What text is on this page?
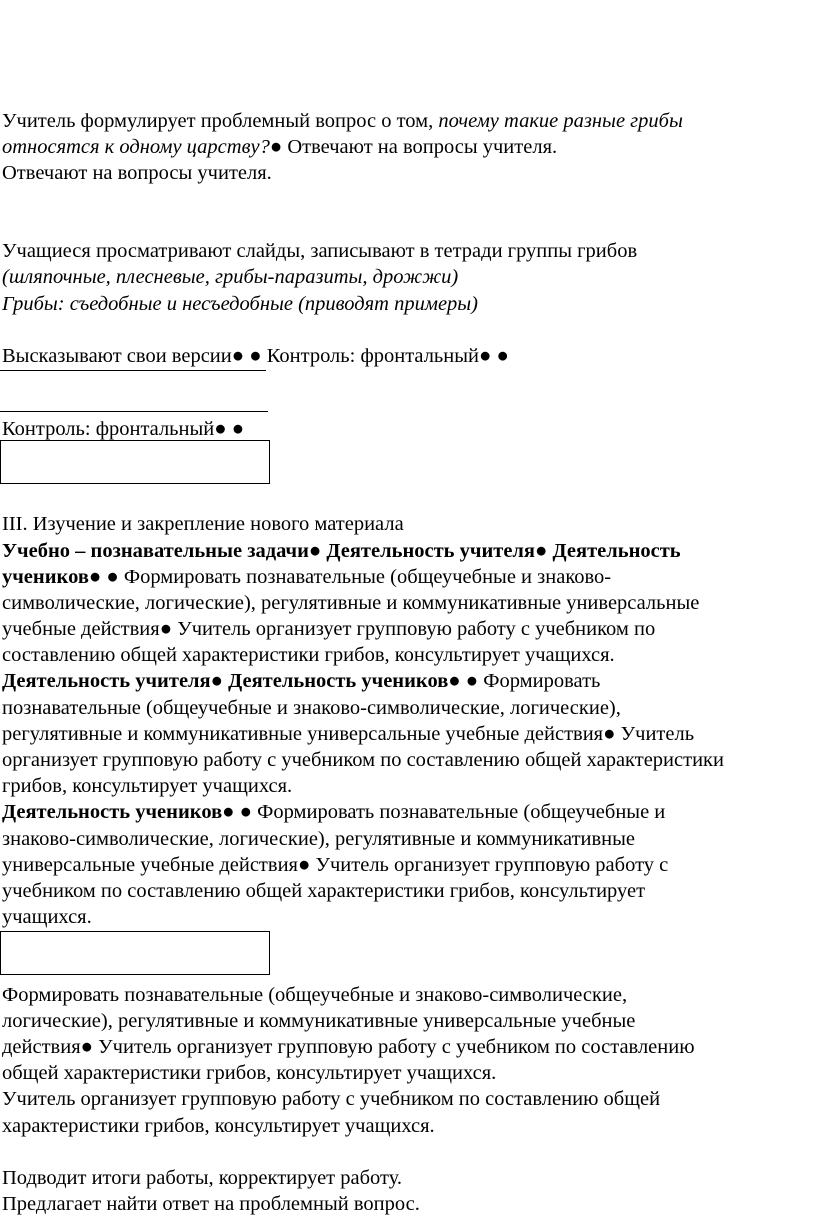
Учитель формулирует проблемный вопрос о том, почему такие разные грибы
относятся к одному царству?● Отвечают на вопросы учителя.
Отвечают на вопросы учителя.
Учащиеся просматривают слайды, записывают в тетради группы грибов
(шляпочные, плесневые, грибы-паразиты, дрожжи)
Грибы: съедобные и несъедобные (приводят примеры)
Высказывают свои версии● ● Контроль: фронтальный● ●
Контроль: фронтальный● ●
III. Изучение и закрепление нового материала
Учебно – познавательные задачи● Деятельность учителя● Деятельность
учеников● ● Формировать познавательные (общеучебные и знаково-
символические, логические), регулятивные и коммуникативные универсальные
учебные действия● Учитель организует групповую работу с учебником по
составлению общей характеристики грибов, консультирует учащихся.
Деятельность учителя● Деятельность учеников● ● Формировать
познавательные (общеучебные и знаково-символические, логические),
регулятивные и коммуникативные универсальные учебные действия● Учитель
организует групповую работу с учебником по составлению общей характеристики
грибов, консультирует учащихся.
Деятельность учеников● ● Формировать познавательные (общеучебные и
знаково-символические, логические), регулятивные и коммуникативные
универсальные учебные действия● Учитель организует групповую работу с
учебником по составлению общей характеристики грибов, консультирует
учащихся.
Формировать познавательные (общеучебные и знаково-символические,
логические), регулятивные и коммуникативные универсальные учебные
действия● Учитель организует групповую работу с учебником по составлению
общей характеристики грибов, консультирует учащихся.
Учитель организует групповую работу с учебником по составлению общей
характеристики грибов, консультирует учащихся.
Подводит итоги работы, корректирует работу.
Предлагает найти ответ на проблемный вопрос.
